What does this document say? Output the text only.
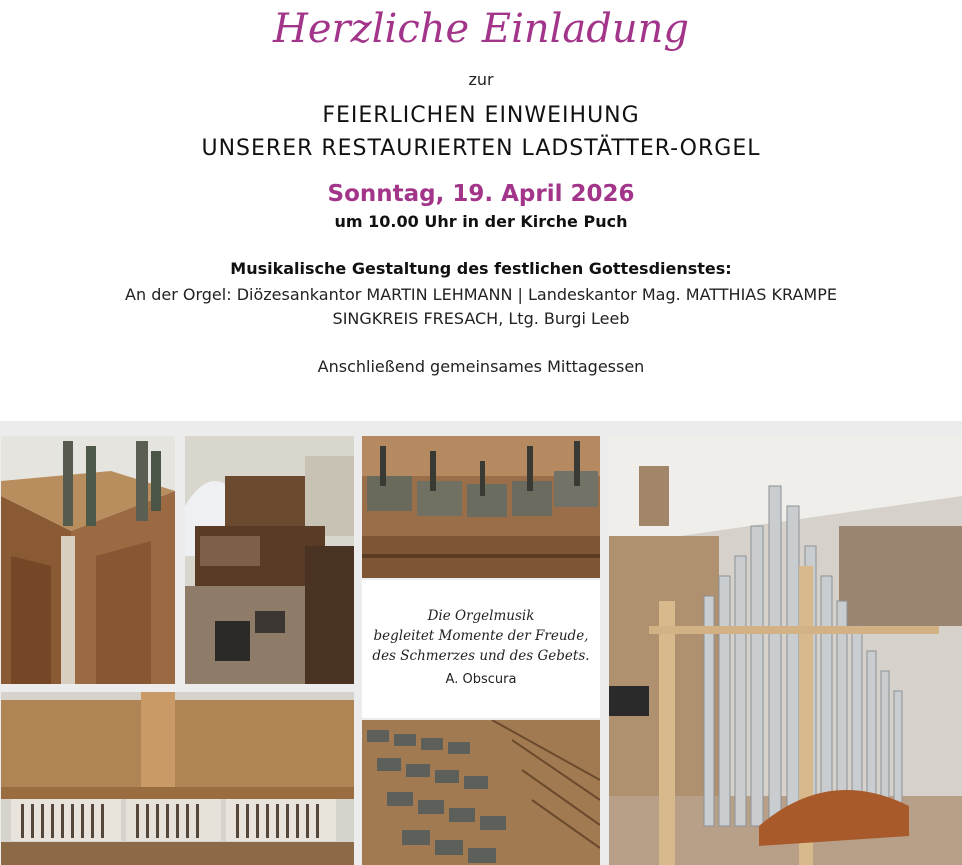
Herzliche Einladung
zur
FEIERLICHEN EINWEIHUNG
UNSERER RESTAURIERTEN LADSTÄTTER-ORGEL
Sonntag, 19. April 2026
um 10.00 Uhr in der Kirche Puch
Musikalische Gestaltung des festlichen Gottesdienstes:
An der Orgel: Diözesankantor MARTIN LEHMANN | Landeskantor Mag. MATTHIAS KRAMPE
SINGKREIS FRESACH, Ltg. Burgi Leeb
Anschließend gemeinsames Mittagessen
Die Orgelmusik
begleitet Momente der Freude,
des Schmerzes und des Gebets.
A. Obscura
